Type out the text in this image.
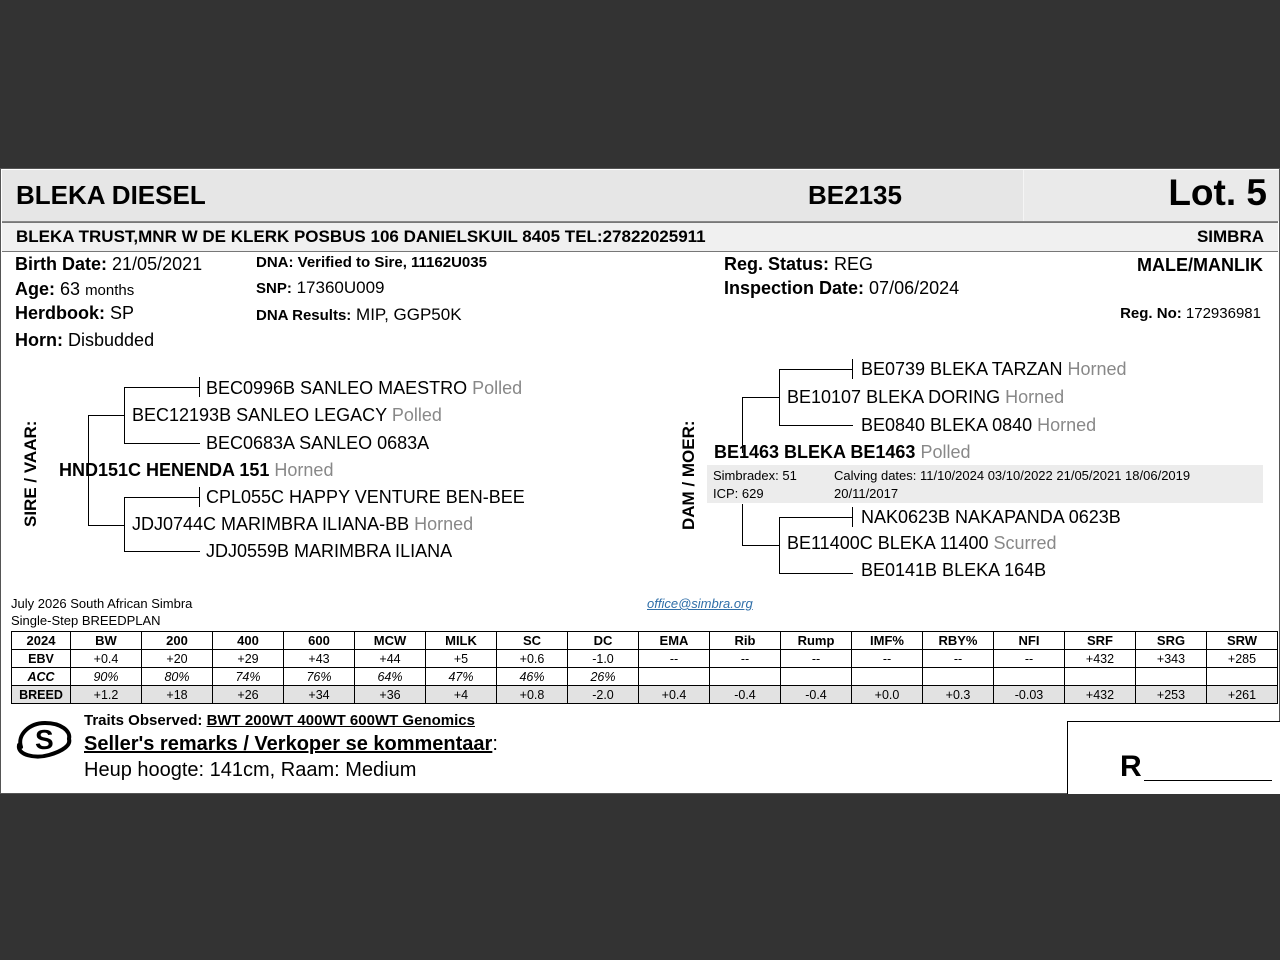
BLEKA DIESEL	BE2135	Lot. 5
BLEKA TRUST,MNR W DE KLERK POSBUS 106 DANIELSKUIL 8405 TEL:27822025911	SIMBRA
Birth Date: 21/05/2021
Age: 63 months
Herdbook: SP
Horn: Disbudded
DNA: Verified to Sire, 11162U035
SNP: 17360U009
DNA Results: MIP, GGP50K
Reg. Status: REG
Inspection Date: 07/06/2024
MALE/MANLIK
Reg. No: 172936981
SIRE / VAAR:
BEC0996B SANLEO MAESTRO Polled
BEC12193B SANLEO LEGACY Polled
BEC0683A SANLEO 0683A
HND151C HENENDA 151 Horned
CPL055C HAPPY VENTURE BEN-BEE
JDJ0744C MARIMBRA ILIANA-BB Horned
JDJ0559B MARIMBRA ILIANA
DAM / MOER:
BE0739 BLEKA TARZAN Horned
BE10107 BLEKA DORING Horned
BE0840 BLEKA 0840 Horned
BE1463 BLEKA BE1463 Polled
Simbradex: 51
ICP: 629
Calving dates: 11/10/2024 03/10/2022 21/05/2021 18/06/2019
20/11/2017
NAK0623B NAKAPANDA 0623B
BE11400C BLEKA 11400 Scurred
BE0141B BLEKA 164B
July 2026 South African Simbra
Single-Step BREEDPLAN
office@simbra.org
2024	BW	200	400	600	MCW	MILK	SC	DC	EMA	Rib	Rump	IMF%	RBY%	NFI	SRF	SRG	SRW
EBV	+0.4	+20	+29	+43	+44	+5	+0.6	-1.0	--	--	--	--	--	--	+432	+343	+285
ACC	90%	80%	74%	76%	64%	47%	46%	26%									
BREED	+1.2	+18	+26	+34	+36	+4	+0.8	-2.0	+0.4	-0.4	-0.4	+0.0	+0.3	-0.03	+432	+253	+261
S
Traits Observed: BWT 200WT 400WT 600WT Genomics
Seller's remarks / Verkoper se kommentaar:
Heup hoogte: 141cm, Raam: Medium	R
